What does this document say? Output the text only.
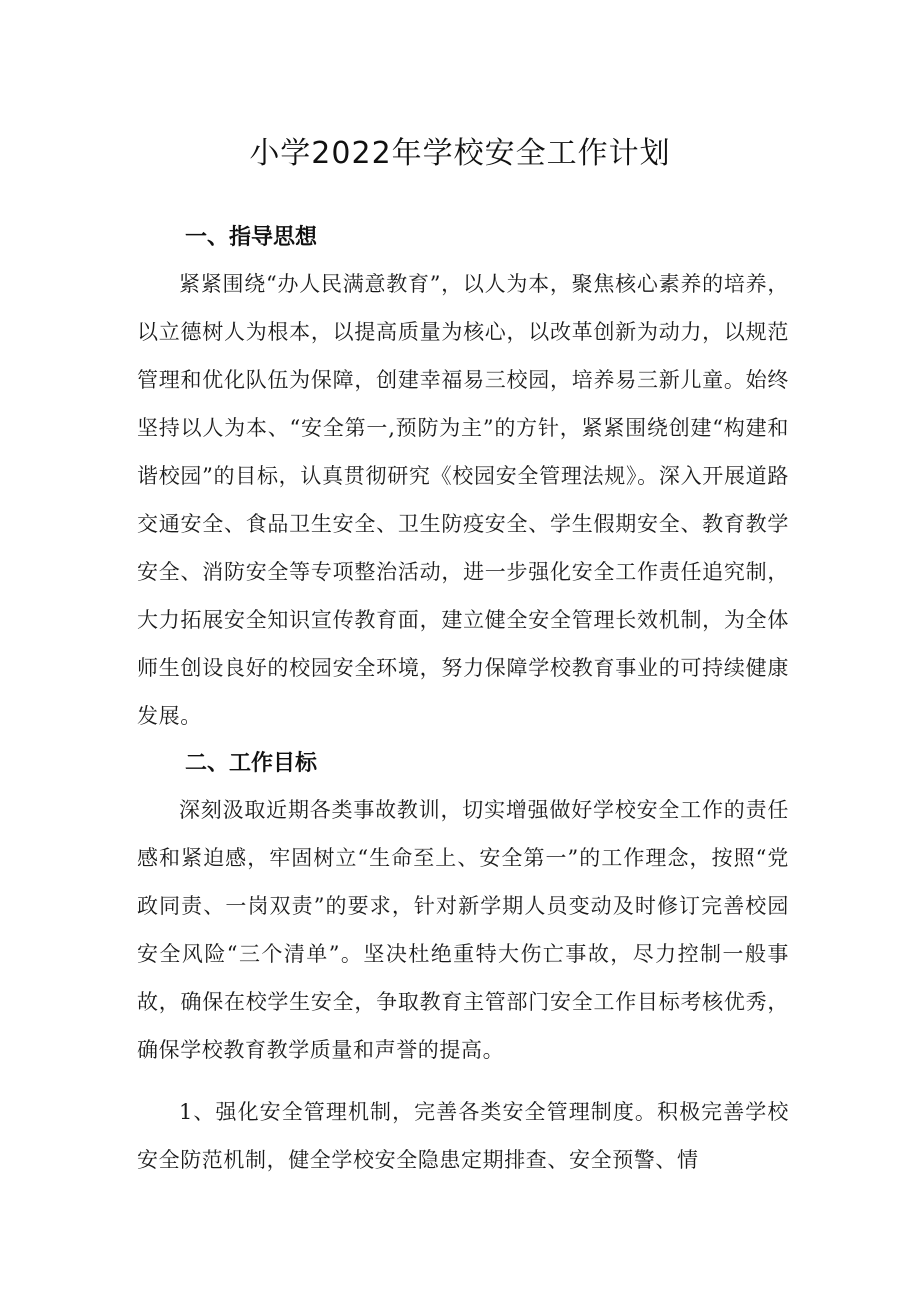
小学2022年学校安全工作计划
一、指导思想

紧紧围绕“办人民满意教育”，以人为本，聚焦核心素养的培养，以立德树人为根本，以提高质量为核心，以改革创新为动力，以规范管理和优化队伍为保障，创建幸福易三校园，培养易三新儿童。始终坚持以人为本、“安全第一,预防为主”的方针，紧紧围绕创建“构建和谐校园”的目标，认真贯彻研究《校园安全管理法规》。深入开展道路交通安全、食品卫生安全、卫生防疫安全、学生假期安全、教育教学安全、消防安全等专项整治活动，进一步强化安全工作责任追究制，大力拓展安全知识宣传教育面，建立健全安全管理长效机制，为全体师生创设良好的校园安全环境，努力保障学校教育事业的可持续健康发展。

二、工作目标

深刻汲取近期各类事故教训，切实增强做好学校安全工作的责任感和紧迫感，牢固树立“生命至上、安全第一”的工作理念，按照“党政同责、一岗双责”的要求，针对新学期人员变动及时修订完善校园安全风险“三个清单”。坚决杜绝重特大伤亡事故，尽力控制一般事故，确保在校学生安全，争取教育主管部门安全工作目标考核优秀，确保学校教育教学质量和声誉的提高。

1、强化安全管理机制，完善各类安全管理制度。积极完善学校安全防范机制，健全学校安全隐患定期排查、安全预警、情
